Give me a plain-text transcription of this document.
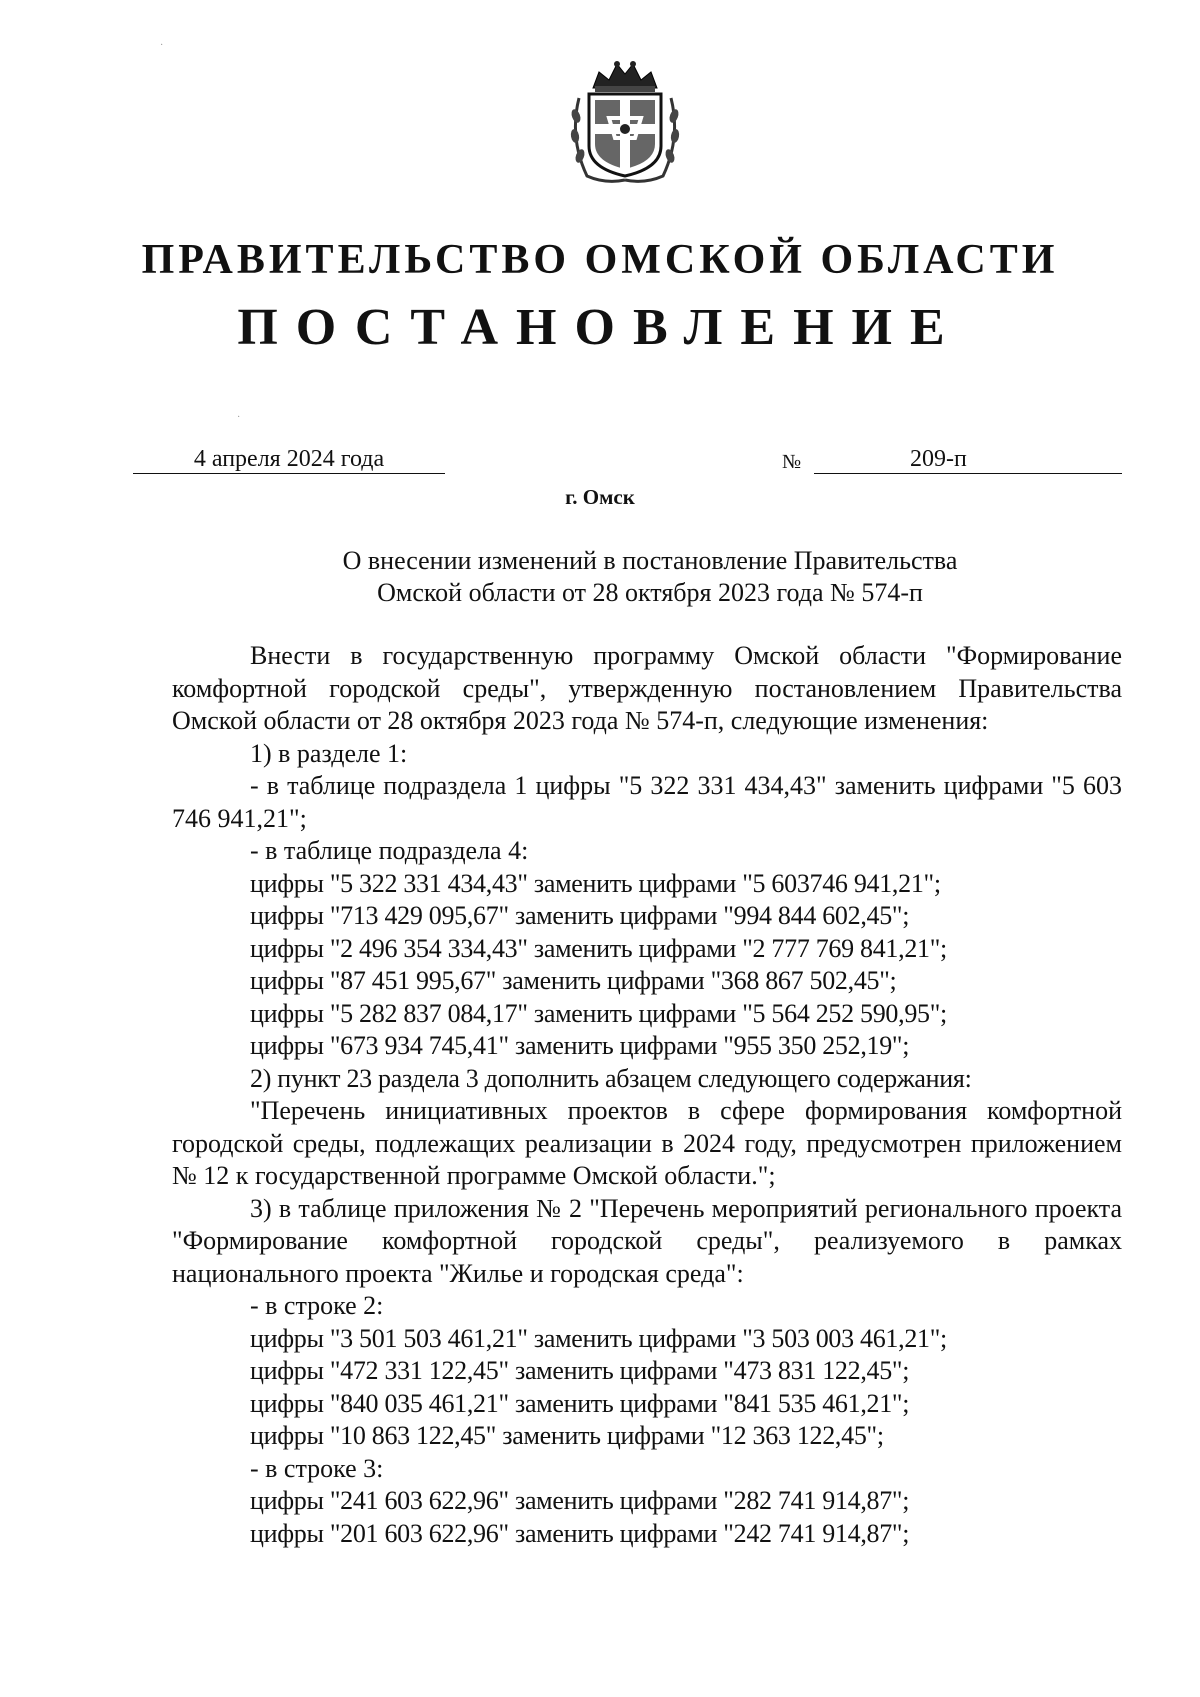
·
·
ПРАВИТЕЛЬСТВО ОМСКОЙ ОБЛАСТИ
ПОСТАНОВЛЕНИЕ
4 апреля 2024 года	№	209-п
г. Омск
О внесении изменений в постановление Правительства
Омской области от 28 октября 2023 года № 574-п

Внести в государственную программу Омской области "Формирование комфортной городской среды", утвержденную постановлением Правительства Омской области от 28 октября 2023 года № 574-п, следующие изменения:

1) в разделе 1:

- в таблице подраздела 1 цифры "5 322 331 434,43" заменить цифрами "5 603 746 941,21";

- в таблице подраздела 4:

цифры "5 322 331 434,43" заменить цифрами "5 603746 941,21";

цифры "713 429 095,67" заменить цифрами "994 844 602,45";

цифры "2 496 354 334,43" заменить цифрами "2 777 769 841,21";

цифры "87 451 995,67" заменить цифрами "368 867 502,45";

цифры "5 282 837 084,17" заменить цифрами "5 564 252 590,95";

цифры "673 934 745,41" заменить цифрами "955 350 252,19";

2) пункт 23 раздела 3 дополнить абзацем следующего содержания:

"Перечень инициативных проектов в сфере формирования комфортной городской среды, подлежащих реализации в 2024 году, предусмотрен приложением № 12 к государственной программе Омской области.";

3) в таблице приложения № 2 "Перечень мероприятий регионального проекта "Формирование комфортной городской среды", реализуемого в рамках национального проекта "Жилье и городская среда":

- в строке 2:

цифры "3 501 503 461,21" заменить цифрами "3 503 003 461,21";

цифры "472 331 122,45" заменить цифрами "473 831 122,45";

цифры "840 035 461,21" заменить цифрами "841 535 461,21";

цифры "10 863 122,45" заменить цифрами "12 363 122,45";

- в строке 3:

цифры "241 603 622,96" заменить цифрами "282 741 914,87";

цифры "201 603 622,96" заменить цифрами "242 741 914,87";
